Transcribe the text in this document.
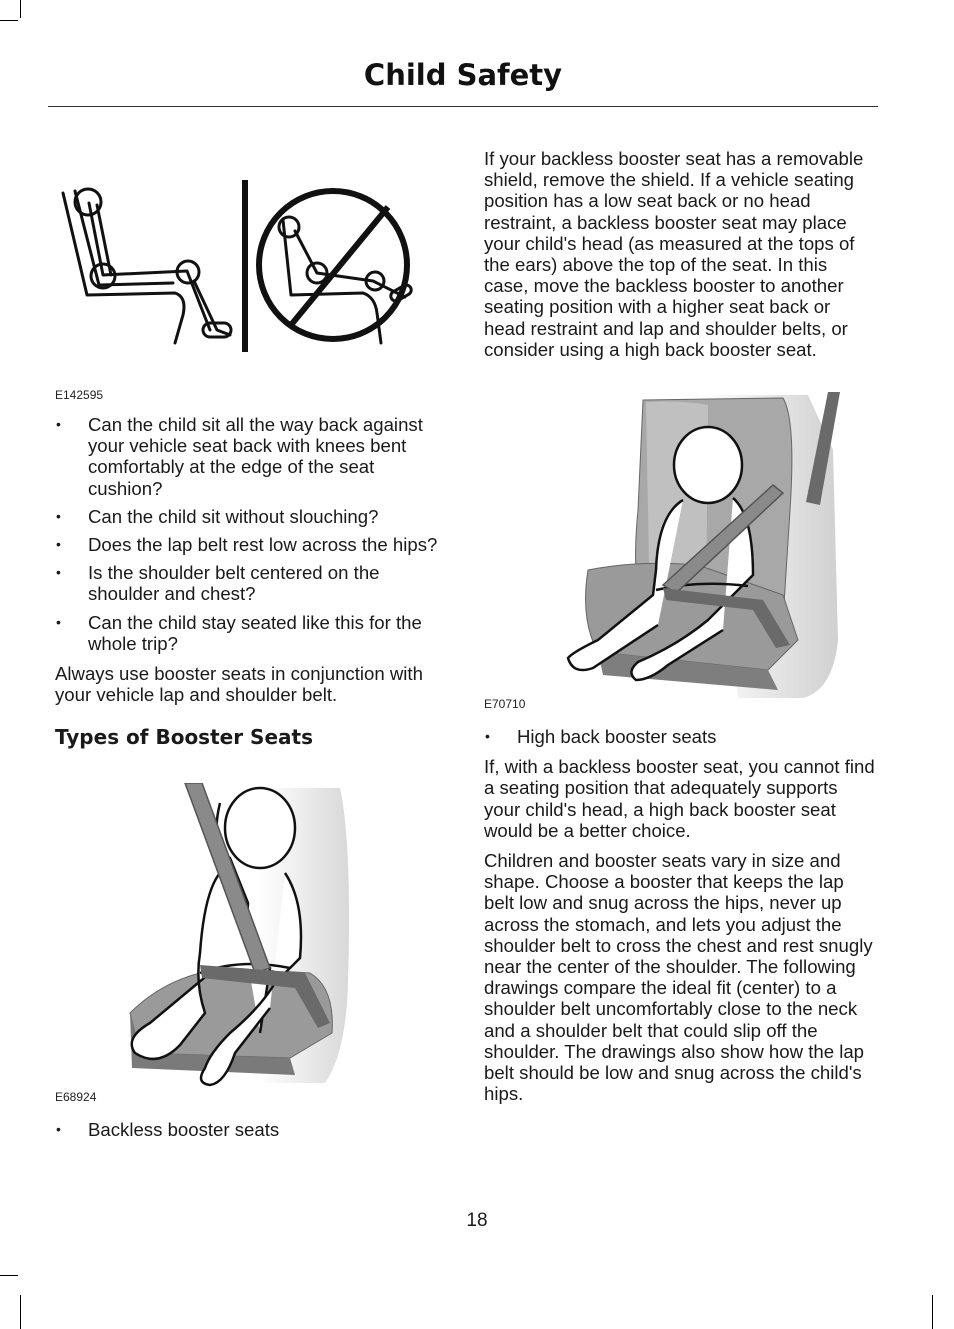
Child Safety
E142595
• Can the child sit all the way back against your vehicle seat back with knees bent comfortably at the edge of the seat cushion?
• Can the child sit without slouching?
• Does the lap belt rest low across the hips?
• Is the shoulder belt centered on the shoulder and chest?
• Can the child stay seated like this for the whole trip?

Always use booster seats in conjunction with your vehicle lap and shoulder belt.

Types of Booster Seats
E68924
• Backless booster seats

If your backless booster seat has a removable shield, remove the shield. If a vehicle seating position has a low seat back or no head restraint, a backless booster seat may place your child's head (as measured at the tops of the ears) above the top of the seat. In this case, move the backless booster to another seating position with a higher seat back or head restraint and lap and shoulder belts, or consider using a high back booster seat.

E70710
• High back booster seats

If, with a backless booster seat, you cannot find a seating position that adequately supports your child's head, a high back booster seat would be a better choice.

Children and booster seats vary in size and shape. Choose a booster that keeps the lap belt low and snug across the hips, never up across the stomach, and lets you adjust the shoulder belt to cross the chest and rest snugly near the center of the shoulder. The following drawings compare the ideal fit (center) to a shoulder belt uncomfortably close to the neck and a shoulder belt that could slip off the shoulder. The drawings also show how the lap belt should be low and snug across the child's hips.

18
